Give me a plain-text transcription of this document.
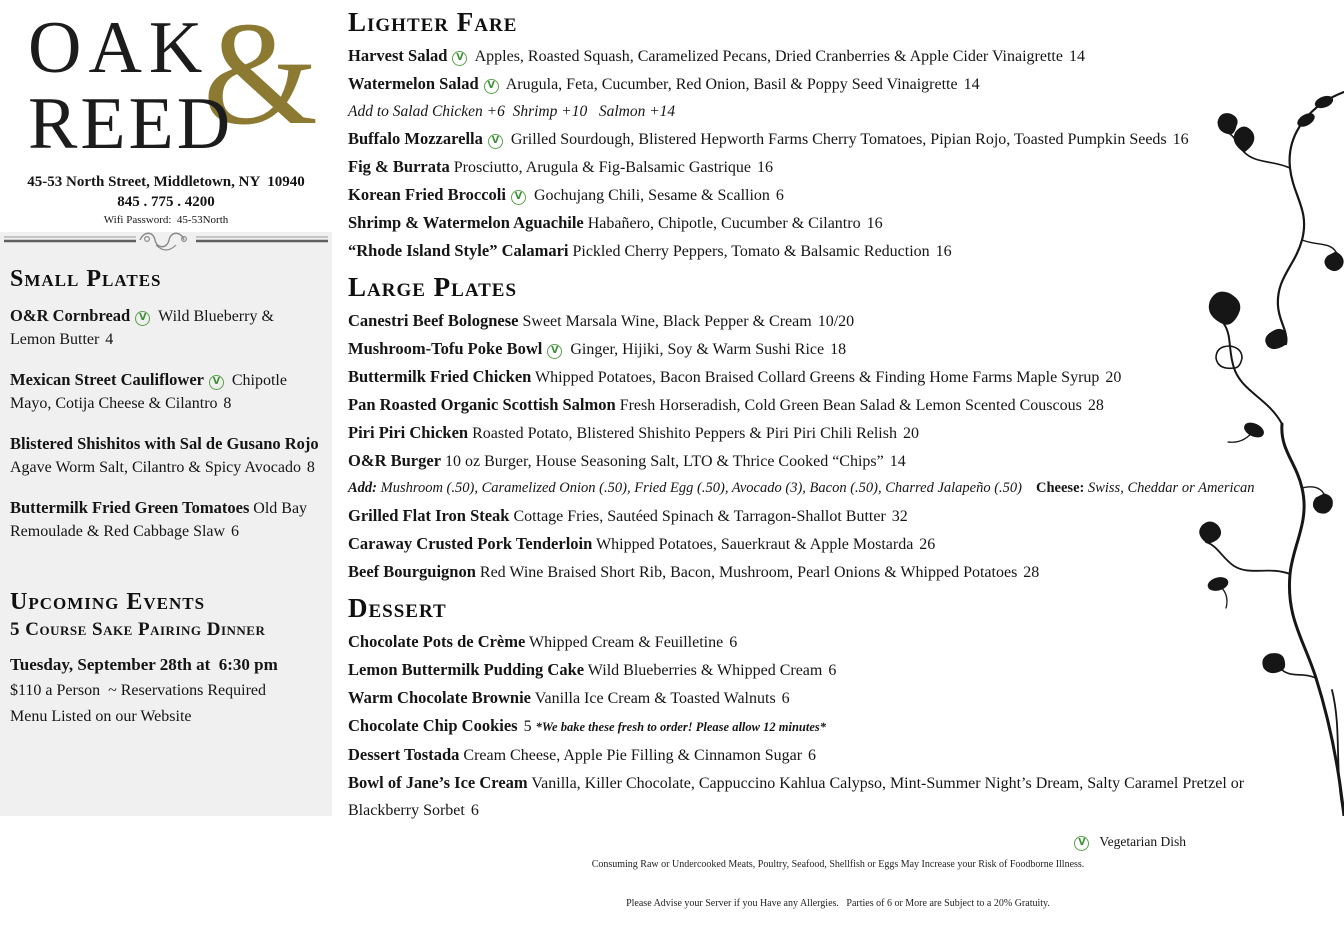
OAK
REED
&
45-53 North Street, Middletown, NY  10940
845 . 775 . 4200
Wifi Password:  45-53North
Small Plates
O&R Cornbread V Wild Blueberry & Lemon Butter 4
Mexican Street Cauliflower V Chipotle Mayo, Cotija Cheese & Cilantro 8
Blistered Shishitos with Sal de Gusano Rojo Agave Worm Salt, Cilantro & Spicy Avocado 8
Buttermilk Fried Green Tomatoes Old Bay Remoulade & Red Cabbage Slaw 6
Upcoming Events
5 Course Sake Pairing Dinner
Tuesday, September 28th at  6:30 pm
$110 a Person  ~ Reservations Required
Menu Listed on our Website
Lighter Fare
Harvest Salad V Apples, Roasted Squash, Caramelized Pecans, Dried Cranberries & Apple Cider Vinaigrette 14
Watermelon Salad V Arugula, Feta, Cucumber, Red Onion, Basil & Poppy Seed Vinaigrette 14
Add to Salad Chicken +6  Shrimp +10   Salmon +14
Buffalo Mozzarella V Grilled Sourdough, Blistered Hepworth Farms Cherry Tomatoes, Pipian Rojo, Toasted Pumpkin Seeds 16
Fig & Burrata Prosciutto, Arugula & Fig-Balsamic Gastrique 16
Korean Fried Broccoli V Gochujang Chili, Sesame & Scallion 6
Shrimp & Watermelon Aguachile Habañero, Chipotle, Cucumber & Cilantro 16
“Rhode Island Style” Calamari Pickled Cherry Peppers, Tomato & Balsamic Reduction 16
Large Plates
Canestri Beef Bolognese Sweet Marsala Wine, Black Pepper & Cream 10/20
Mushroom-Tofu Poke Bowl V Ginger, Hijiki, Soy & Warm Sushi Rice 18
Buttermilk Fried Chicken Whipped Potatoes, Bacon Braised Collard Greens & Finding Home Farms Maple Syrup 20
Pan Roasted Organic Scottish Salmon Fresh Horseradish, Cold Green Bean Salad & Lemon Scented Couscous 28
Piri Piri Chicken Roasted Potato, Blistered Shishito Peppers & Piri Piri Chili Relish 20
O&R Burger 10 oz Burger, House Seasoning Salt, LTO & Thrice Cooked “Chips” 14
Add: Mushroom (.50), Caramelized Onion (.50), Fried Egg (.50), Avocado (3), Bacon (.50), Charred Jalapeño (.50) Cheese: Swiss, Cheddar or American
Grilled Flat Iron Steak Cottage Fries, Sautéed Spinach & Tarragon-Shallot Butter 32
Caraway Crusted Pork Tenderloin Whipped Potatoes, Sauerkraut & Apple Mostarda 26
Beef Bourguignon Red Wine Braised Short Rib, Bacon, Mushroom, Pearl Onions & Whipped Potatoes 28
Dessert
Chocolate Pots de Crème Whipped Cream & Feuilletine 6
Lemon Buttermilk Pudding Cake Wild Blueberries & Whipped Cream 6
Warm Chocolate Brownie Vanilla Ice Cream & Toasted Walnuts 6
Chocolate Chip Cookies 5 *We bake these fresh to order! Please allow 12 minutes*
Dessert Tostada Cream Cheese, Apple Pie Filling & Cinnamon Sugar 6
Bowl of Jane’s Ice Cream Vanilla, Killer Chocolate, Cappuccino Kahlua Calypso, Mint-Summer Night’s Dream, Salty Caramel Pretzel or Blackberry Sorbet 6

Consuming Raw or Undercooked Meats, Poultry, Seafood, Shellfish or Eggs May Increase your Risk of Foodborne Illness.

Please Advise your Server if you Have any Allergies.   Parties of 6 or More are Subject to a 20% Gratuity.

V Vegetarian Dish
